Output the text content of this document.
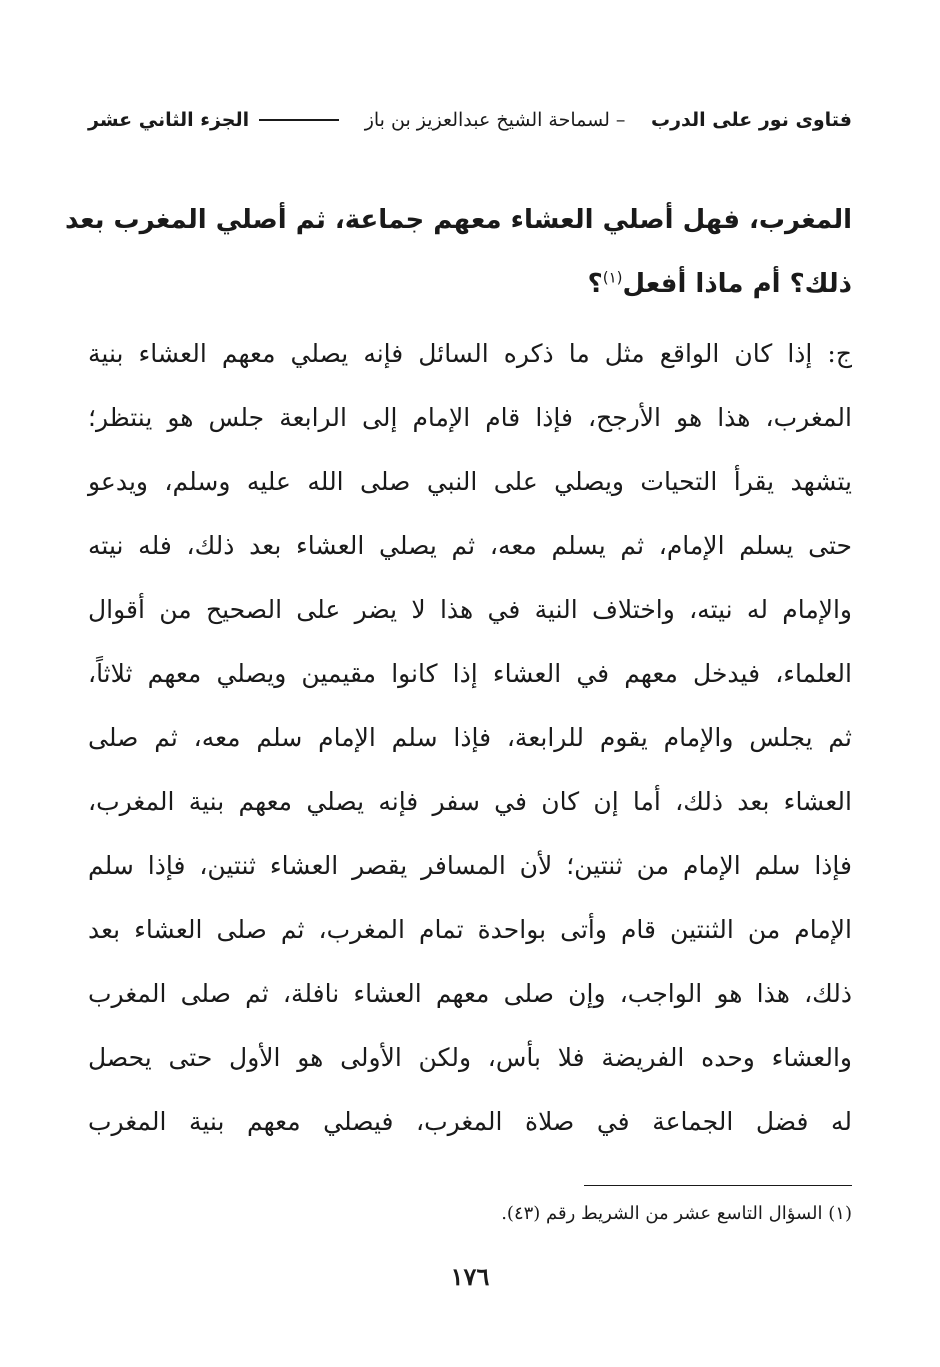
فتاوى نور على الدرب
– لسماحة الشيخ عبدالعزيز بن باز
الجزء الثاني عشر
المغرب، فهل أصلي العشاء معهم جماعة، ثم أصلي المغرب بعد
ذلك؟ أم ماذا أفعل$^{(١)}$؟
ج: إذا كان الواقع مثل ما ذكره السائل فإنه يصلي معهم العشاء بنية
المغرب، هذا هو الأرجح، فإذا قام الإمام إلى الرابعة جلس هو ينتظر؛
يتشهد يقرأ التحيات ويصلي على النبي صلى الله عليه وسلم، ويدعو
حتى يسلم الإمام، ثم يسلم معه، ثم يصلي العشاء بعد ذلك، فله نيته
والإمام له نيته، واختلاف النية في هذا لا يضر على الصحيح من أقوال
العلماء، فيدخل معهم في العشاء إذا كانوا مقيمين ويصلي معهم ثلاثاً،
ثم يجلس والإمام يقوم للرابعة، فإذا سلم الإمام سلم معه، ثم صلى
العشاء بعد ذلك، أما إن كان في سفر فإنه يصلي معهم بنية المغرب،
فإذا سلم الإمام من ثنتين؛ لأن المسافر يقصر العشاء ثنتين، فإذا سلم
الإمام من الثنتين قام وأتى بواحدة تمام المغرب، ثم صلى العشاء بعد
ذلك، هذا هو الواجب، وإن صلى معهم العشاء نافلة، ثم صلى المغرب
والعشاء وحده الفريضة فلا بأس، ولكن الأولى هو الأول حتى يحصل
له فضل الجماعة في صلاة المغرب، فيصلي معهم بنية المغرب
(١) السؤال التاسع عشر من الشريط رقم (٤٣).
١٧٦
